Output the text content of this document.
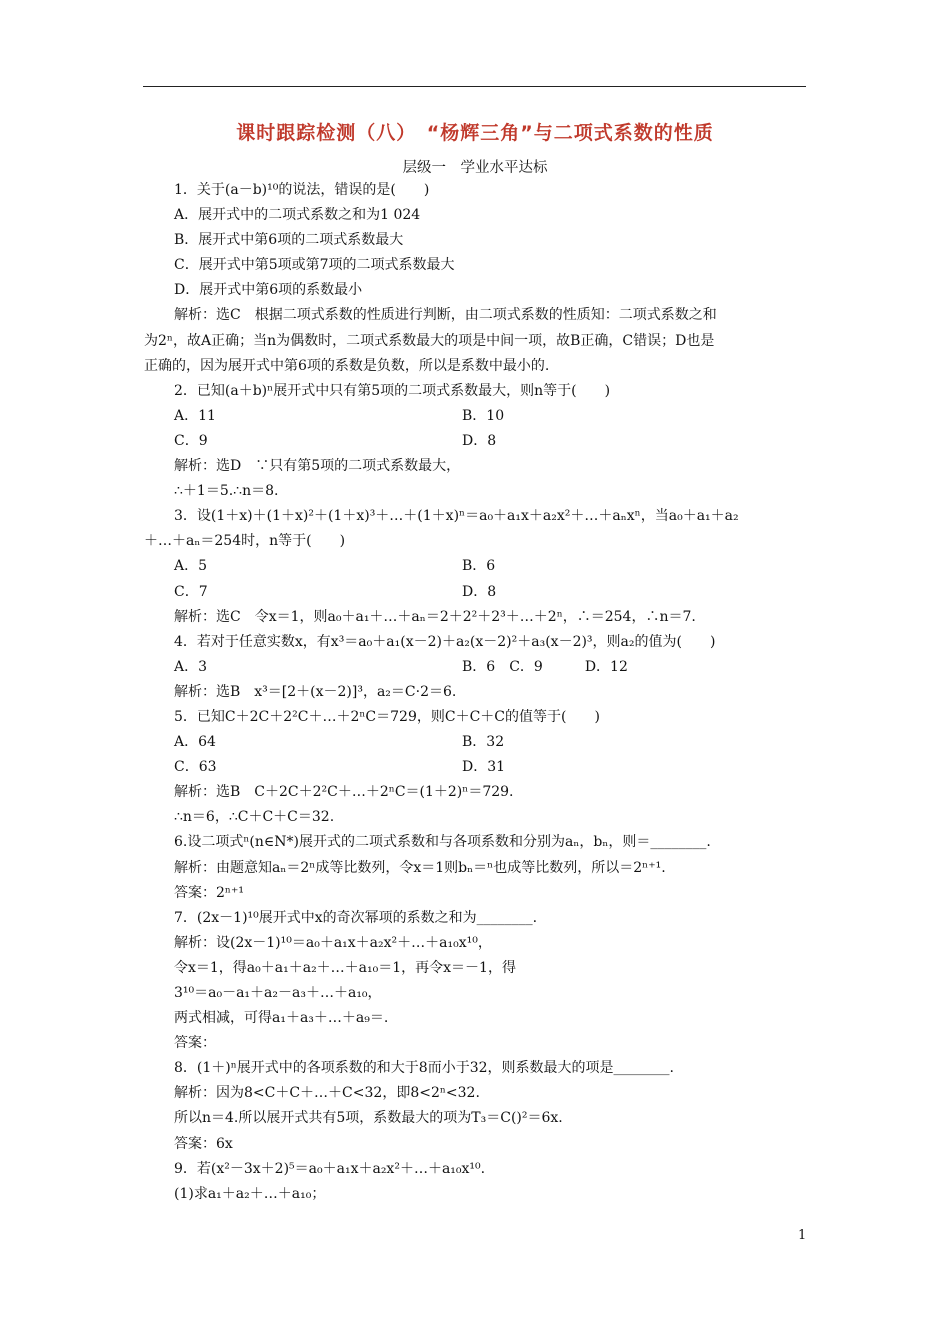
课时跟踪检测（八）　“杨辉三角”与二项式系数的性质
层级一　学业水平达标
1．关于(a－b)¹⁰的说法，错误的是(　　)
A．展开式中的二项式系数之和为1 024
B．展开式中第6项的二项式系数最大
C．展开式中第5项或第7项的二项式系数最大
D．展开式中第6项的系数最小
解析：选C　根据二项式系数的性质进行判断，由二项式系数的性质知：二项式系数之和
为2ⁿ，故A正确；当n为偶数时，二项式系数最大的项是中间一项，故B正确，C错误；D也是
正确的，因为展开式中第6项的系数是负数，所以是系数中最小的.
2．已知(a＋b)ⁿ展开式中只有第5项的二项式系数最大，则n等于(　　)
A．11	B．10
C．9	D．8
解析：选D　∵只有第5项的二项式系数最大，
∴＋1＝5.∴n＝8.
3．设(1＋x)＋(1＋x)²＋(1＋x)³＋…＋(1＋x)ⁿ＝a₀＋a₁x＋a₂x²＋…＋aₙxⁿ，当a₀＋a₁＋a₂
＋…＋aₙ＝254时，n等于(　　)
A．5	B．6
C．7	D．8
解析：选C　令x＝1，则a₀＋a₁＋…＋aₙ＝2＋2²＋2³＋…＋2ⁿ，∴＝254，∴n＝7.
4．若对于任意实数x，有x³＝a₀＋a₁(x－2)＋a₂(x－2)²＋a₃(x－2)³，则a₂的值为(　　)
A．3	B．6　C．9　　　D．12
解析：选B　x³＝[2＋(x－2)]³，a₂＝C·2＝6.
5．已知C＋2C＋2²C＋…＋2ⁿC＝729，则C＋C＋C的值等于(　　)
A．64	B．32
C．63	D．31
解析：选B　C＋2C＋2²C＋…＋2ⁿC＝(1＋2)ⁿ＝729.
∴n＝6，∴C＋C＋C＝32.
6.设二项式ⁿ(n∈N*)展开式的二项式系数和与各项系数和分别为aₙ，bₙ，则＝________.
解析：由题意知aₙ＝2ⁿ成等比数列，令x＝1则bₙ＝ⁿ也成等比数列，所以＝2ⁿ⁺¹.
答案：2ⁿ⁺¹
7．(2x－1)¹⁰展开式中x的奇次幂项的系数之和为________.
解析：设(2x－1)¹⁰＝a₀＋a₁x＋a₂x²＋…＋a₁₀x¹⁰，
令x＝1，得a₀＋a₁＋a₂＋…＋a₁₀＝1，再令x＝－1，得
3¹⁰＝a₀－a₁＋a₂－a₃＋…＋a₁₀，
两式相减，可得a₁＋a₃＋…＋a₉＝.
答案：
8．(1＋)ⁿ展开式中的各项系数的和大于8而小于32，则系数最大的项是________.
解析：因为8<C＋C＋…＋C<32，即8<2ⁿ<32.
所以n＝4.所以展开式共有5项，系数最大的项为T₃＝C()²＝6x.
答案：6x
9．若(x²－3x＋2)⁵＝a₀＋a₁x＋a₂x²＋…＋a₁₀x¹⁰.
(1)求a₁＋a₂＋…＋a₁₀；
1
